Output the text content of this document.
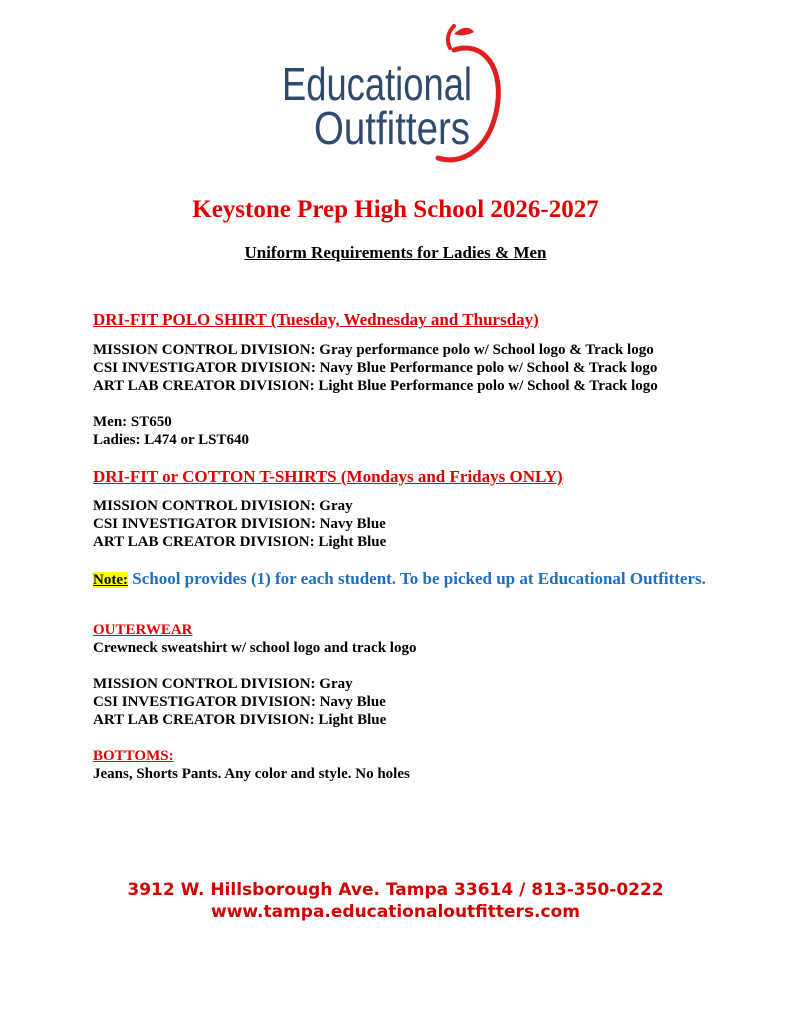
Educational
Outfitters
Keystone Prep High School 2026-2027
Uniform Requirements for Ladies & Men
DRI-FIT POLO SHIRT (Tuesday, Wednesday and Thursday)
MISSION CONTROL DIVISION: Gray performance polo w/ School logo & Track logo
CSI INVESTIGATOR DIVISION: Navy Blue Performance polo w/ School & Track logo
ART LAB CREATOR DIVISION: Light Blue Performance polo w/ School & Track logo
Men: ST650
Ladies: L474 or LST640
DRI-FIT or COTTON T-SHIRTS (Mondays and Fridays ONLY)
MISSION CONTROL DIVISION: Gray
CSI INVESTIGATOR DIVISION: Navy Blue
ART LAB CREATOR DIVISION: Light Blue
Note: School provides (1) for each student. To be picked up at Educational Outfitters.
OUTERWEAR
Crewneck sweatshirt w/ school logo and track logo
MISSION CONTROL DIVISION: Gray
CSI INVESTIGATOR DIVISION: Navy Blue
ART LAB CREATOR DIVISION: Light Blue
BOTTOMS:
Jeans, Shorts Pants. Any color and style. No holes
3912 W. Hillsborough Ave. Tampa 33614 / 813-350-0222
www.tampa.educationaloutfitters.com
